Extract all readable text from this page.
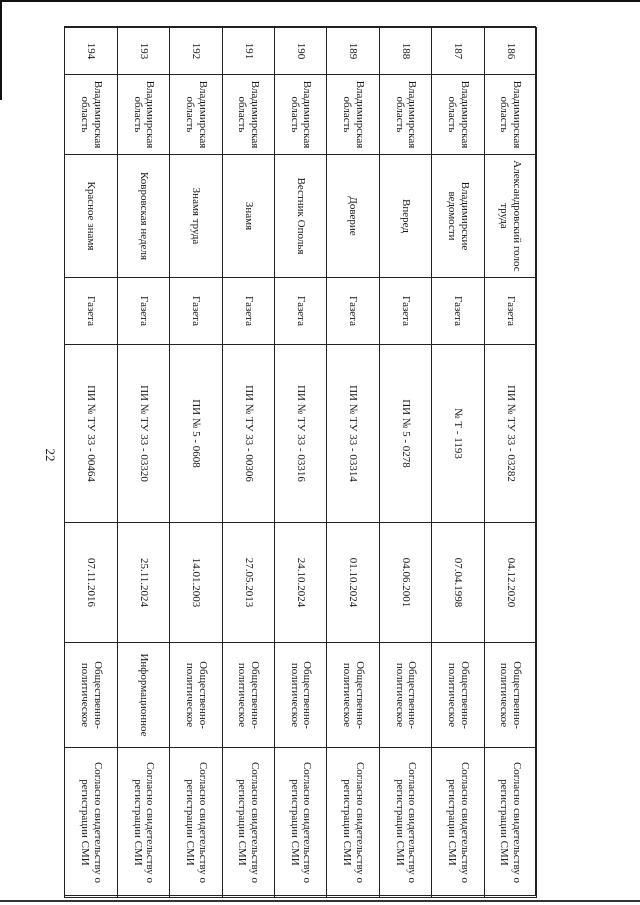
22
186	Владимирская область	Александровский голос труда	Газета	ПИ № ТУ 33 - 03282	04.12.2020	Общественно-политическое	Согласно свидетельству о регистрации СМИ
187	Владимирская область	Владимирские ведомости	Газета	№ Т - 1193	07.04.1998	Общественно-политическое	Согласно свидетельству о регистрации СМИ
188	Владимирская область	Вперед	Газета	ПИ № 5 - 0278	04.06.2001	Общественно-политическое	Согласно свидетельству о регистрации СМИ
189	Владимирская область	Доверие	Газета	ПИ № ТУ 33 - 03314	01.10.2024	Общественно-политическое	Согласно свидетельству о регистрации СМИ
190	Владимирская область	Вестник Ополья	Газета	ПИ № ТУ 33 - 03316	24.10.2024	Общественно-политическое	Согласно свидетельству о регистрации СМИ
191	Владимирская область	Знамя	Газета	ПИ № ТУ 33 - 00306	27.05.2013	Общественно-политическое	Согласно свидетельству о регистрации СМИ
192	Владимирская область	Знамя труда	Газета	ПИ № 5 - 0608	14.01.2003	Общественно-политическое	Согласно свидетельству о регистрации СМИ
193	Владимирская область	Ковровская неделя	Газета	ПИ № ТУ 33 - 03320	25.11.2024	Информационное	Согласно свидетельству о регистрации СМИ
194	Владимирская область	Красное знамя	Газета	ПИ № ТУ 33 - 00464	07.11.2016	Общественно-политическое	Согласно свидетельству о регистрации СМИ
